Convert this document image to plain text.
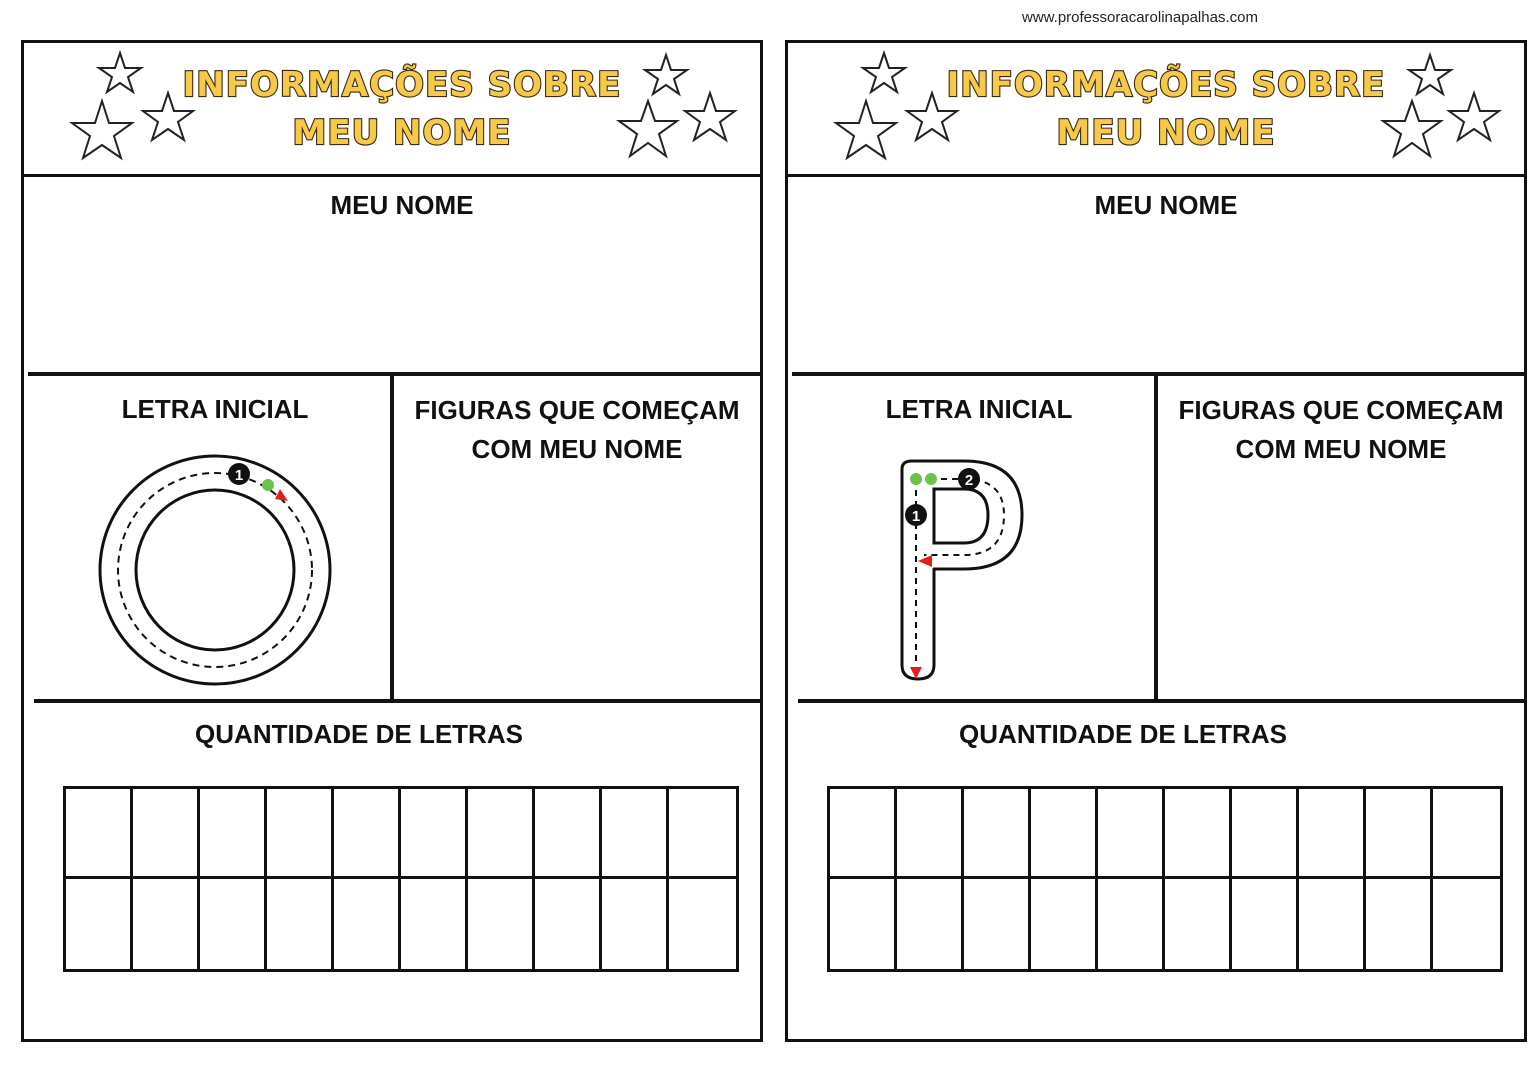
www.professoracarolinapalhas.com
INFORMAÇÕES SOBRE
MEU NOME
MEU NOME
LETRA INICIAL	FIGURAS QUE COMEÇAM
COM MEU NOME
1
QUANTIDADE DE LETRAS
INFORMAÇÕES SOBRE
MEU NOME
MEU NOME
LETRA INICIAL	FIGURAS QUE COMEÇAM
COM MEU NOME
1
2
QUANTIDADE DE LETRAS
